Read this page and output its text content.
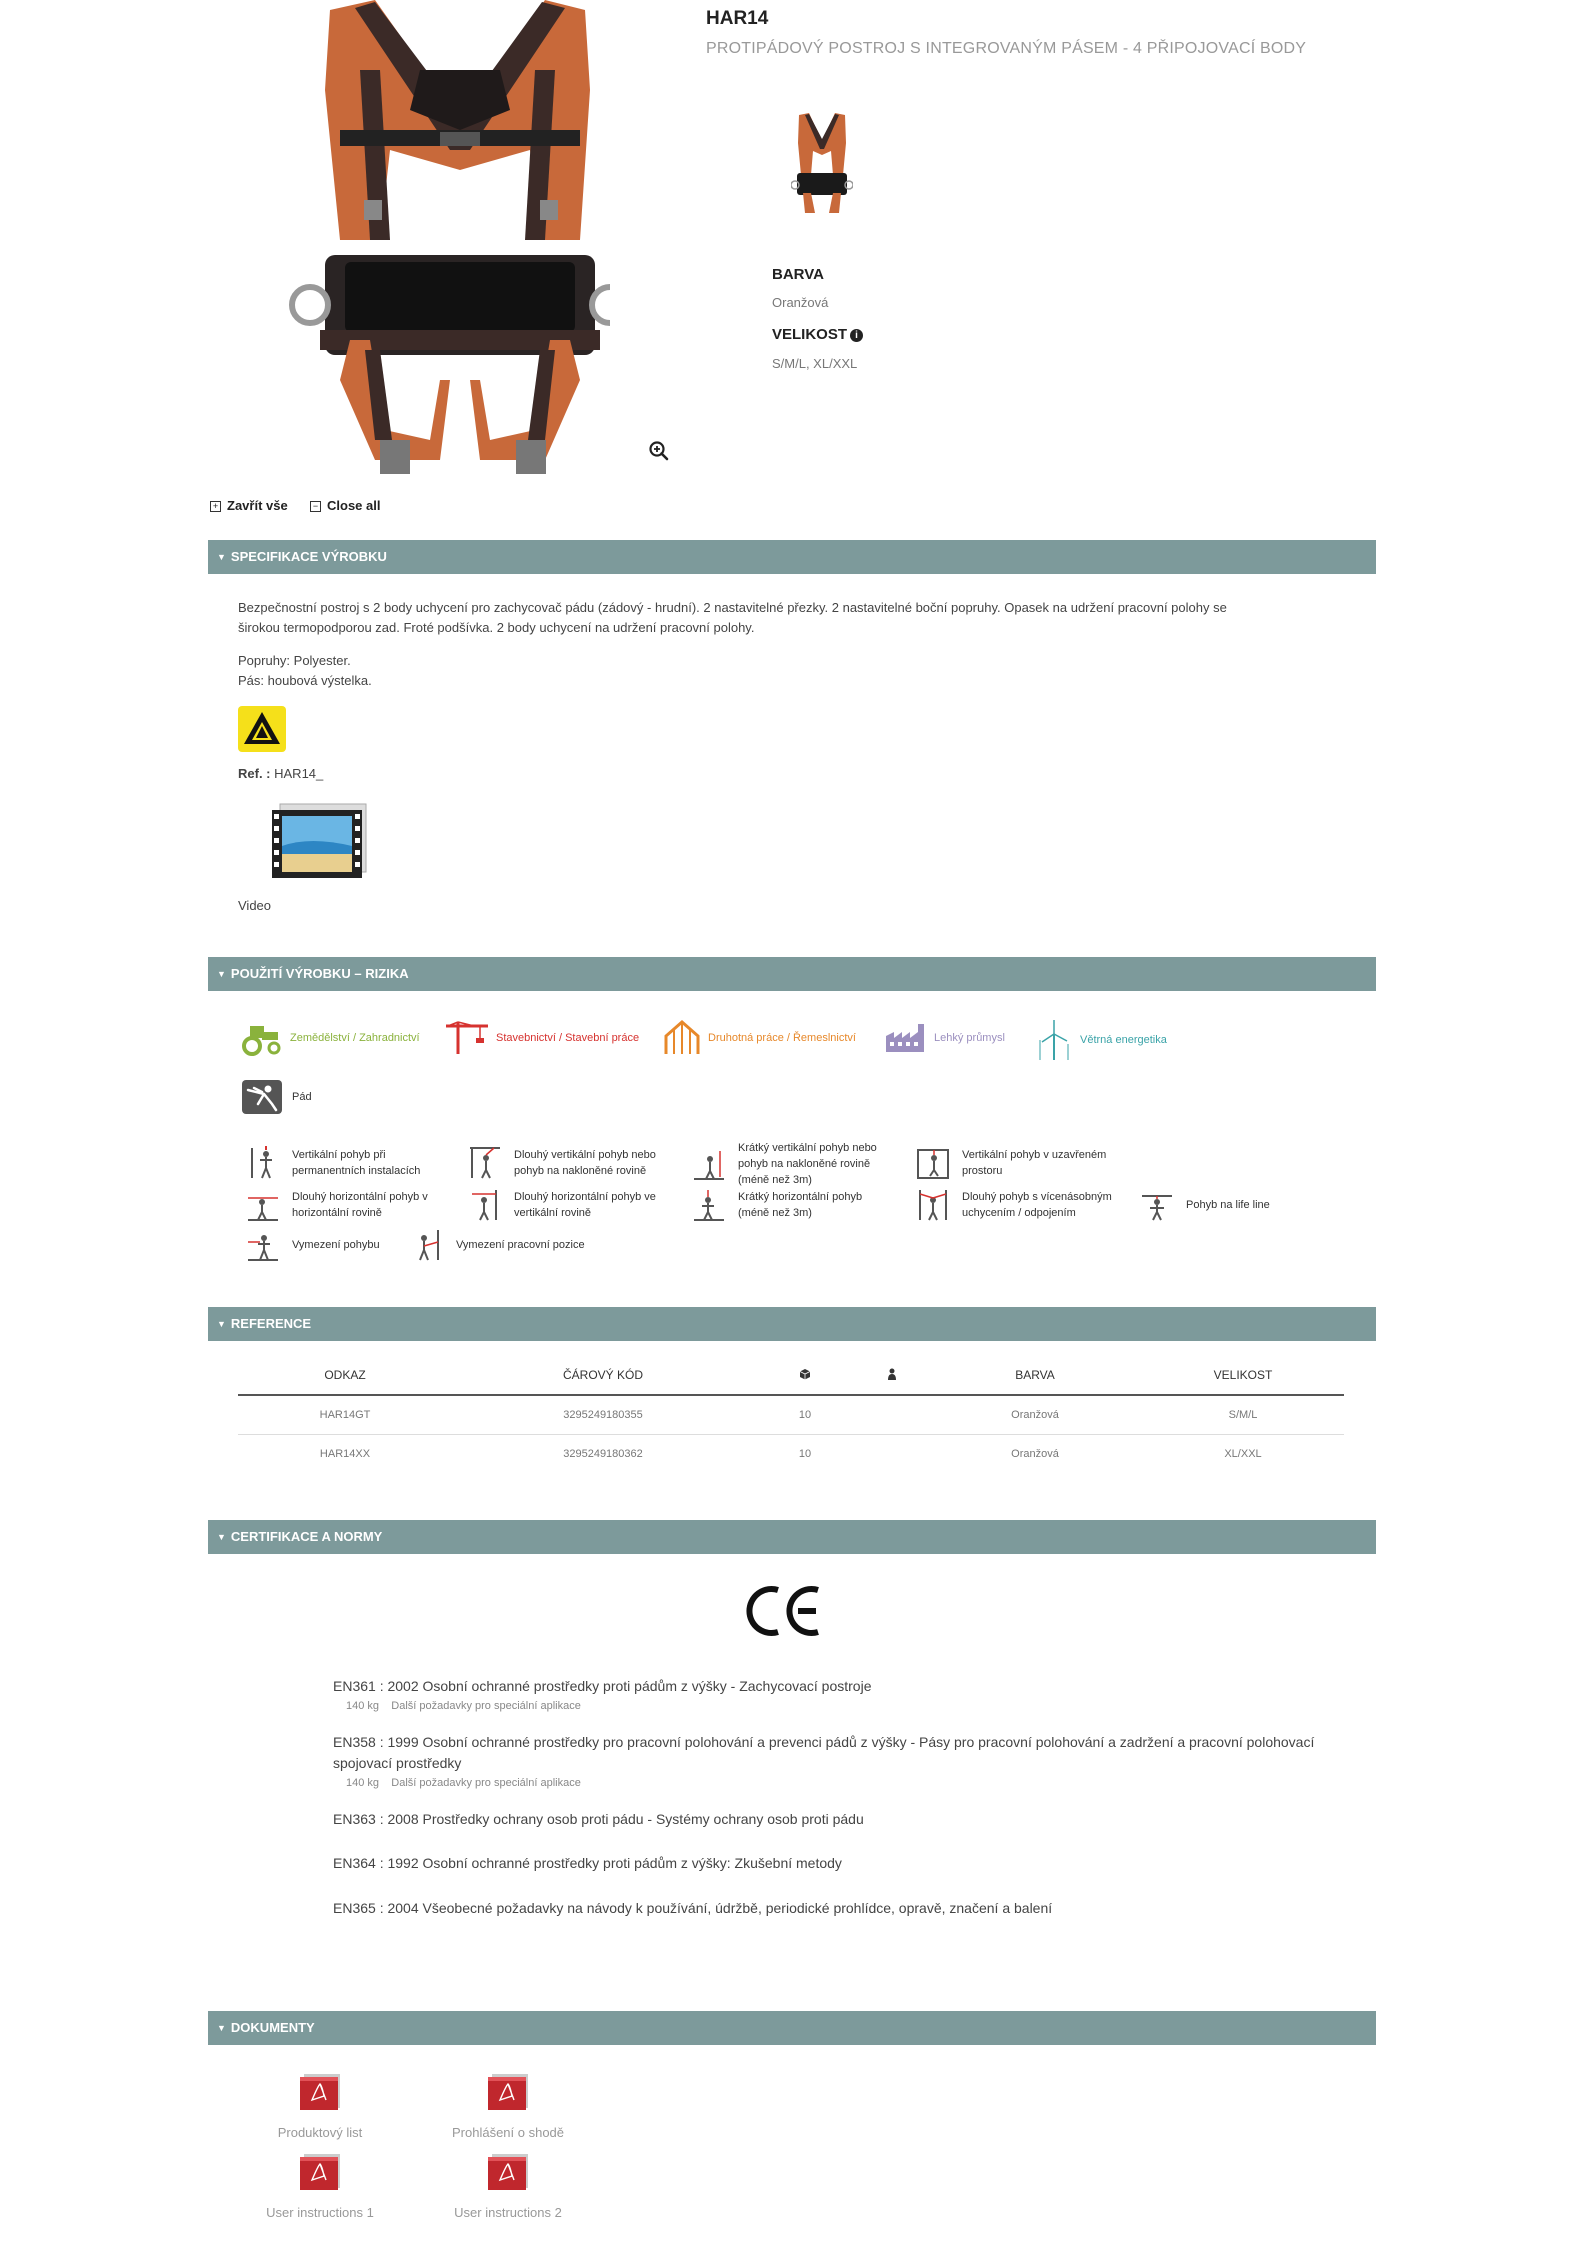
HAR14
PROTIPÁDOVÝ POSTROJ S INTEGROVANÝM PÁSEM - 4 PŘIPOJOVACÍ BODY
BARVA
Oranžová
VELIKOST i
S/M/L, XL/XXL
+ Zavřít vše	− Close all
▼ SPECIFIKACE VÝROBKU
Bezpečnostní postroj s 2 body uchycení pro zachycovač pádu (zádový - hrudní). 2 nastavitelné přezky. 2 nastavitelné boční popruhy. Opasek na udržení pracovní polohy se
širokou termopodporou zad. Froté podšívka. 2 body uchycení na udržení pracovní polohy.
Popruhy: Polyester.
Pás: houbová výstelka.
Ref. : HAR14_
Video
▼ POUŽITÍ VÝROBKU – RIZIKA
Zemědělství / Zahradnictví	Stavebnictví / Stavební práce	Druhotná práce / Řemeslnictví	Lehký průmysl	Větrná energetika
Pád
Vertikální pohyb při permanentních instalacích
Dlouhý vertikální pohyb nebo pohyb na nakloněné rovině
Krátký vertikální pohyb nebo pohyb na nakloněné rovině (méně než 3m)
Vertikální pohyb v uzavřeném prostoru
Dlouhý horizontální pohyb v horizontální rovině
Dlouhý horizontální pohyb ve vertikální rovině
Krátký horizontální pohyb (méně než 3m)
Dlouhý pohyb s vícenásobným uchycením / odpojením
Pohyb na life line
Vymezení pohybu	Vymezení pracovní pozice
▼ REFERENCE
ODKAZ	ČÁROVÝ KÓD			BARVA	VELIKOST
HAR14GT	3295249180355	10		Oranžová	S/M/L
HAR14XX	3295249180362	10		Oranžová	XL/XXL
▼ CERTIFIKACE A NORMY
CE
EN361 : 2002 Osobní ochranné prostředky proti pádům z výšky - Zachycovací postroje
140 kg Další požadavky pro speciální aplikace
EN358 : 1999 Osobní ochranné prostředky pro pracovní polohování a prevenci pádů z výšky - Pásy pro pracovní polohování a zadržení a pracovní polohovací
spojovací prostředky
140 kg Další požadavky pro speciální aplikace
EN363 : 2008 Prostředky ochrany osob proti pádu - Systémy ochrany osob proti pádu
EN364 : 1992 Osobní ochranné prostředky proti pádům z výšky: Zkušební metody
EN365 : 2004 Všeobecné požadavky na návody k používání, údržbě, periodické prohlídce, opravě, značení a balení
▼ DOKUMENTY
Produktový list	Prohlášení o shodě
User instructions 1	User instructions 2
